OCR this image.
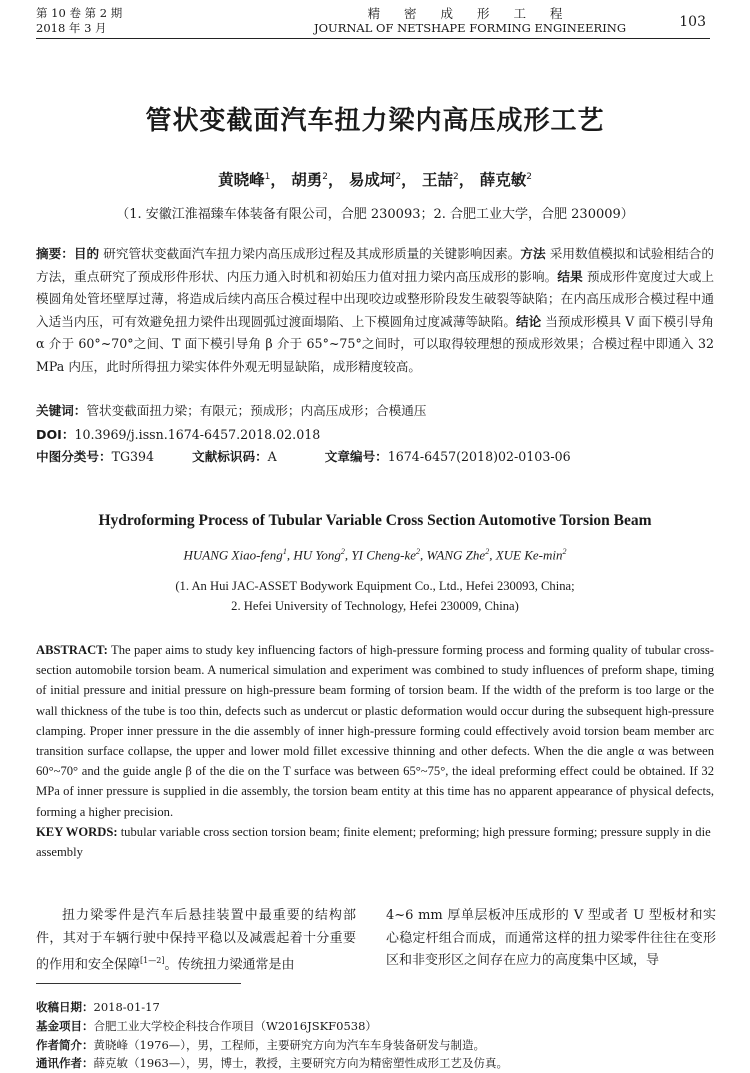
第 10 卷 第 2 期
2018 年 3 月
精 密 成 形 工 程
JOURNAL OF NETSHAPE FORMING ENGINEERING	103
管状变截面汽车扭力梁内高压成形工艺
黄晓峰$^1$， 胡勇$^2$， 易成坷$^2$， 王喆$^2$， 薛克敏$^2$
（1. 安徽江淮福臻车体装备有限公司，合肥 230093；2. 合肥工业大学，合肥 230009）
摘要：目的 研究管状变截面汽车扭力梁内高压成形过程及其成形质量的关键影响因素。方法 采用数值模拟和试验相结合的方法，重点研究了预成形件形状、内压力通入时机和初始压力值对扭力梁内高压成形的影响。结果 预成形件宽度过大或上模圆角处管坯壁厚过薄，将造成后续内高压合模过程中出现咬边或整形阶段发生破裂等缺陷；在内高压成形合模过程中通入适当内压，可有效避免扭力梁件出现圆弧过渡面塌陷、上下模圆角过度减薄等缺陷。结论 当预成形模具 V 面下模引导角 α 介于 60°~70°之间、T 面下模引导角 β 介于 65°~75°之间时，可以取得较理想的预成形效果；合模过程中即通入 32 MPa 内压，此时所得扭力梁实体件外观无明显缺陷，成形精度较高。
关键词：管状变截面扭力梁；有限元；预成形；内高压成形；合模通压
DOI：10.3969/j.issn.1674-6457.2018.02.018
中图分类号：TG394	文献标识码：A	文章编号：1674-6457(2018)02-0103-06
Hydroforming Process of Tubular Variable Cross Section Automotive Torsion Beam
HUANG Xiao-feng$^1$, HU Yong$^2$, YI Cheng-$ke^2$, WANG Zhe$^2$, XUE $Ke-\min^2$
(1. An Hui JAC-ASSET Bodywork Equipment Co., Ltd., Hefei 230093, China;
2. Hefei University of Technology, Hefei 230009, China)
ABSTRACT: The paper aims to study key influencing factors of high-pressure forming process and forming quality of tubular cross-section automobile torsion beam. A numerical simulation and experiment was combined to study influences of preform shape, timing of initial pressure and initial pressure on high-pressure beam forming of torsion beam. If the width of the preform is too large or the wall thickness of the tube is too thin, defects such as undercut or plastic deformation would occur during the subsequent high-pressure clamping. Proper inner pressure in the die assembly of inner high-pressure forming could effectively avoid torsion beam member arc transition surface collapse, the upper and lower mold fillet excessive thinning and other defects. When the die angle α was between 60°~70° and the guide angle β of the die on the T surface was between 65°~75°, the ideal preforming effect could be obtained. If 32 MPa of inner pressure is supplied in die assembly, the torsion beam entity at this time has no apparent appearance of physical defects, forming a higher precision.
KEY WORDS: tubular variable cross section torsion beam; finite element; preforming; high pressure forming; pressure supply in die assembly
扭力梁零件是汽车后悬挂装置中最重要的结构部件，其对于车辆行驶中保持平稳以及减震起着十分重要的作用和安全保障[1—2]。传统扭力梁通常是由
4~6 mm 厚单层板冲压成形的 V 型或者 U 型板材和实心稳定杆组合而成，而通常这样的扭力梁零件往往在变形区和非变形区之间存在应力的高度集中区域，导
收稿日期：2018-01-17
基金项目：合肥工业大学校企科技合作项目（W2016JSKF0538）
作者简介：黄晓峰（1976—），男，工程师，主要研究方向为汽车车身装备研发与制造。
通讯作者：薛克敏（1963—），男，博士，教授，主要研究方向为精密塑性成形工艺及仿真。
